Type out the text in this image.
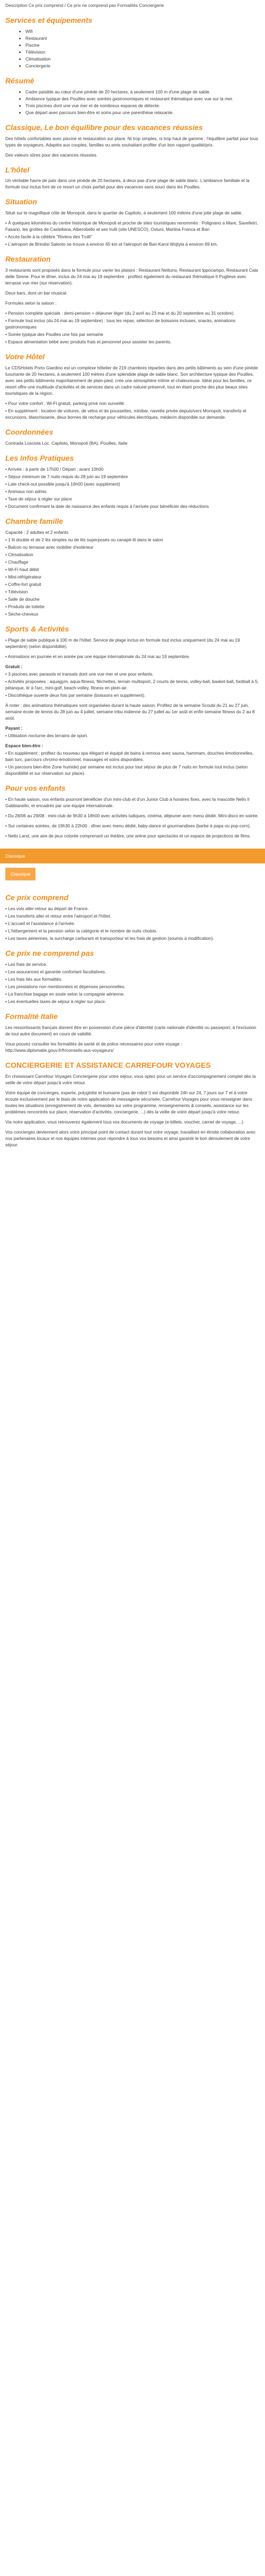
Description Ce prix comprend / Ce prix ne comprend pas Formalités Conciergerie

Services et équipements
• Wifi
• Restaurant
• Piscine
• Télévision
• Climatisation
• Conciergerie
Résumé
• Cadre paisible au cœur d'une pinède de 20 hectares, à seulement 100 m d'une plage de sable.
• Ambiance typique des Pouilles avec soirées gastronomiques et restaurant thématique avec vue sur la mer.
• Trois piscines dont une vue mer et de nombreux espaces de détente.
• Que départ avec parcours bien-être et soins pour une parenthèse relaxante.
Classique, Le bon équilibre pour des vacances réussies

Des hôtels confortables avec piscine et restauration sur place. Ni trop simples, ni trop haut de gamme : l'équilibre parfait pour tous types de voyageurs. Adaptés aux couples, familles ou amis souhaitant profiter d'un bon rapport qualité/prix.

Des valeurs sûres pour des vacances réussies.

L'hôtel

Un véritable havre de paix dans une pinède de 20 hectares, à deux pas d'une plage de sable blanc. L'ambiance familiale et la formule tout inclus font de ce resort un choix parfait pour des vacances sans souci dans les Pouilles.

Situation

Situé sur le magnifique côte de Monopoli, dans le quartier de Capitolo, à seulement 100 mètres d'une jolie plage de sable.

• À quelques kilomètres du centre historique de Monopoli et proche de sites touristiques renommés : Polignano a Mare, Savelletri, Fasano, les grottes de Castellana, Alberobello et ses trulli (site UNESCO), Ostuni, Martina Franca et Bari

• Accès facile à la célèbre "Riviera des Trulli"

• L'aéroport de Brindisi Salento se trouve à environ 65 km et l'aéroport de Bari-Karol Wojtyla à environ 69 km.

Restauration

3 restaurants sont proposés dans la formule pour varier les plaisirs : Restaurant Nettuno, Restaurant Ippocampo, Restaurant Cala delle Sirene. Pour le dîner, inclus du 24 mai au 19 septembre : profitez également du restaurant thématique Il Pugliese avec terrasse vue mer (sur réservation).

Deux bars, dont un bar musical.

Formules selon la saison :

• Pension complète spéciale : demi-pension + déjeuner léger (du 2 avril au 23 mai et du 20 septembre au 31 octobre).

• Formule tout inclus (du 24 mai au 19 septembre) : tous les repas, sélection de boissons incluses, snacks, animations gastronomiques

• Soirée typique des Pouilles une fois par semaine

• Espace alimentation bébé avec produits frais et personnel pour assister les parents.

Votre Hôtel

Le CDSHotels Porto Giardino est un complexe hôtelier de 219 chambres réparties dans des petits bâtiments au sein d'une pinède luxuriante de 20 hectares, à seulement 100 mètres d'une splendide plage de sable blanc. Son architecture typique des Pouilles, avec ses petits bâtiments majoritairement de plain-pied, crée une atmosphère intime et chaleureuse. Idéal pour les familles, ce resort offre une multitude d'activités et de services dans un cadre naturel préservé, tout en étant proche des plus beaux sites touristiques de la région.

• Pour votre confort : Wi-Fi gratuit, parking privé non surveillé.

• En supplément : location de voitures, de vélos et de poussettes, minibar, navette privée depuis/vers Monopoli, transferts et excursions, blanchisserie, deux bornes de recharge pour véhicules électriques, médecin disponible sur demande.

Coordonnées

Contrada Losciola Loc. Capitolo, Monopoli (BA), Pouilles, Italie

Les Infos Pratiques

• Arrivée : à partir de 17h00 / Départ : avant 10h00

• Séjour minimum de 7 nuits requis du 28 juin au 19 septembre

• Late check-out possible jusqu'à 16h00 (avec supplément)

• Animaux non admis

• Taxe de séjour à régler sur place

• Document confirmant la date de naissance des enfants requis à l'arrivée pour bénéficier des réductions

Chambre famille

Capacité : 2 adultes et 2 enfants

• 1 lit double et de 2 lits simples ou de lits superposés ou canapé-lit dans le salon

• Balcon ou terrasse avec mobilier d'extérieur

• Climatisation

• Chauffage

• Wi-Fi haut débit

• Mini-réfrigérateur

• Coffre-fort gratuit

• Télévision

• Salle de douche

• Produits de toilette

• Sèche-cheveux

Sports & Activités

• Plage de sable publique à 100 m de l'hôtel. Service de plage inclus en formule tout inclus uniquement (du 24 mai au 19 septembre) (selon disponibilité).

• Animations en journée et en soirée par une équipe internationale du 24 mai au 19 septembre.

Gratuit :

• 3 piscines avec parasols et transats dont une vue mer et une pour enfants.

• Activités proposées : aquagym, aqua-fitness, fléchettes, terrain multisport, 2 courts de tennis, volley-ball, basket-ball, football à 5, pétanque, tir à l'arc, mini-golf, beach-volley, fitness en plein-air.

• Discothèque ouverte deux fois par semaine (boissons en supplément).

À noter : des animations thématiques sont organisées durant la haute saison. Profitez de la semaine Scoubi du 21 au 27 juin, semaine école de tennis du 28 juin au 4 juillet, semaine tribu indienne du 27 juillet au 1er août et enfin semaine fitness du 2 au 8 août.

Payant :

• Utilisation nocturne des terrains de sport.

Espace bien-être :

• En supplément : profitez du nouveau spa élégant et équipé de bains à remous avec sauna, hammam, douches émotionnelles, bain turc, parcours chromo-émotionnel, massages et soins disponibles.

• Un parcours bien-être Zone humide) par semaine est inclus pour tout séjour de plus de 7 nuits en formule tout inclus (selon disponibilité et sur réservation sur place).

Pour vos enfants

• En haute saison, vos enfants pourront bénéficier d'un mini-club et d'un Junior Club à horaires fixes, avec la mascotte Nello il Gabbianello, et encadrés par une équipe internationale.

• Du 28/06 au 29/08 : mini-club de 9h30 à 18h00 avec activités ludiques, cinéma, déjeuner avec menu dédié. Mini-disco en soirée.

• Sur certaines soirées, de 19h30 à 22h00 : dîner avec menu dédié, baby-dance et gourmandises (barbe à papa ou pop-corn).

• Nello Land, une aire de jeux colorée comprenant un théâtre, une arène pour spectacles et un espace de projections de films.

Classique
Classique
Ce prix comprend

• Les vols aller-retour au départ de France.

• Les transferts aller et retour entre l'aéroport et l'hôtel.

• L'accueil et l'assistance à l'arrivée.

• L'hébergement et la pension selon la catégorie et le nombre de nuits choisis.

• Les taxes aériennes, la surcharge carburant et transporteur et les frais de gestion (soumis à modification).

Ce prix ne comprend pas

• Les frais de service.

• Les assurances et garantie confortant facultatives.

• Les frais liés aux formalités.

• Les prestations non mentionnées et dépenses personnelles.

• La franchise bagage en soute selon la compagnie aérienne.

• Les éventuelles taxes de séjour à régler sur place.

Formalité Italie

Les ressortissants français doivent être en possession d'une pièce d'identité (carte nationale d'identité ou passeport, à l'exclusion de tout autre document) en cours de validité.

Vous pouvez consulter les formalités de santé et de police nécessaires pour votre voyage : http://www.diplomatie.gouv.fr/fr/conseils-aux-voyageurs/

CONCIERGERIE ET ASSISTANCE CARREFOUR VOYAGES

En choisissant Carrefour Voyages Conciergerie pour votre séjour, vous optez pour un service d'accompagnement complet dès la veille de votre départ jusqu'à votre retour.

Votre équipe de concierges, experte, polyglotte et humaine (pas de robot !) est disponible 24h sur 24, 7 jours sur 7 et à votre écoute exclusivement par le biais de notre application de messagerie sécurisée, Carrefour Voyages pour vous renseigner dans toutes les situations (enregistrement de vols, demandes sur votre programme, renseignements & conseils, assistance sur les problèmes rencontrés sur place, réservation d'activités, conciergerie, ...) dès la veille de votre départ jusqu'à votre retour.

Via notre application, vous retrouverez également tous vos documents de voyage (e-billets, voucher, carnet de voyage, ...)

Vos concierges deviennent alors votre principal point de contact durant tout votre voyage, travaillant en étroite collaboration avec nos partenaires locaux et nos équipes internes pour répondre à tous vos besoins et ainsi garantir le bon déroulement de votre séjour.
